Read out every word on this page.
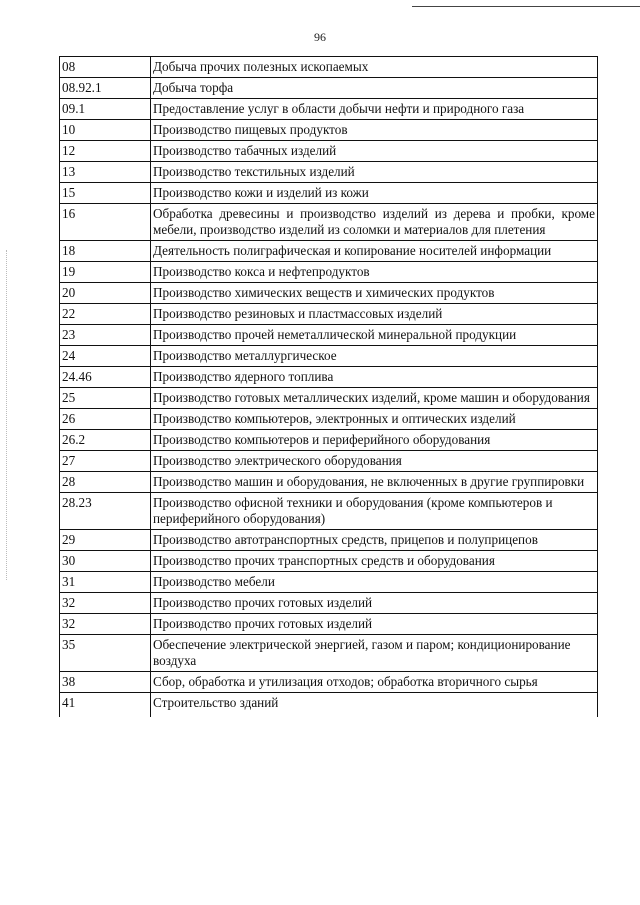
96
08	Добыча прочих полезных ископаемых
08.92.1	Добыча торфа
09.1	Предоставление услуг в области добычи нефти и природного газа
10	Производство пищевых продуктов
12	Производство табачных изделий
13	Производство текстильных изделий
15	Производство кожи и изделий из кожи
16	Обработка древесины и производство изделий из дерева и пробки, кроме мебели, производство изделий из соломки и материалов для плетения
18	Деятельность полиграфическая и копирование носителей информации
19	Производство кокса и нефтепродуктов
20	Производство химических веществ и химических продуктов
22	Производство резиновых и пластмассовых изделий
23	Производство прочей неметаллической минеральной продукции
24	Производство металлургическое
24.46	Производство ядерного топлива
25	Производство готовых металлических изделий, кроме машин и оборудования
26	Производство компьютеров, электронных и оптических изделий
26.2	Производство компьютеров и периферийного оборудования
27	Производство электрического оборудования
28	Производство машин и оборудования, не включенных в другие группировки
28.23	Производство офисной техники и оборудования (кроме компьютеров и периферийного оборудования)
29	Производство автотранспортных средств, прицепов и полуприцепов
30	Производство прочих транспортных средств и оборудования
31	Производство мебели
32	Производство прочих готовых изделий
32	Производство прочих готовых изделий
35	Обеспечение электрической энергией, газом и паром; кондиционирование воздуха
38	Сбор, обработка и утилизация отходов; обработка вторичного сырья
41	Строительство зданий
